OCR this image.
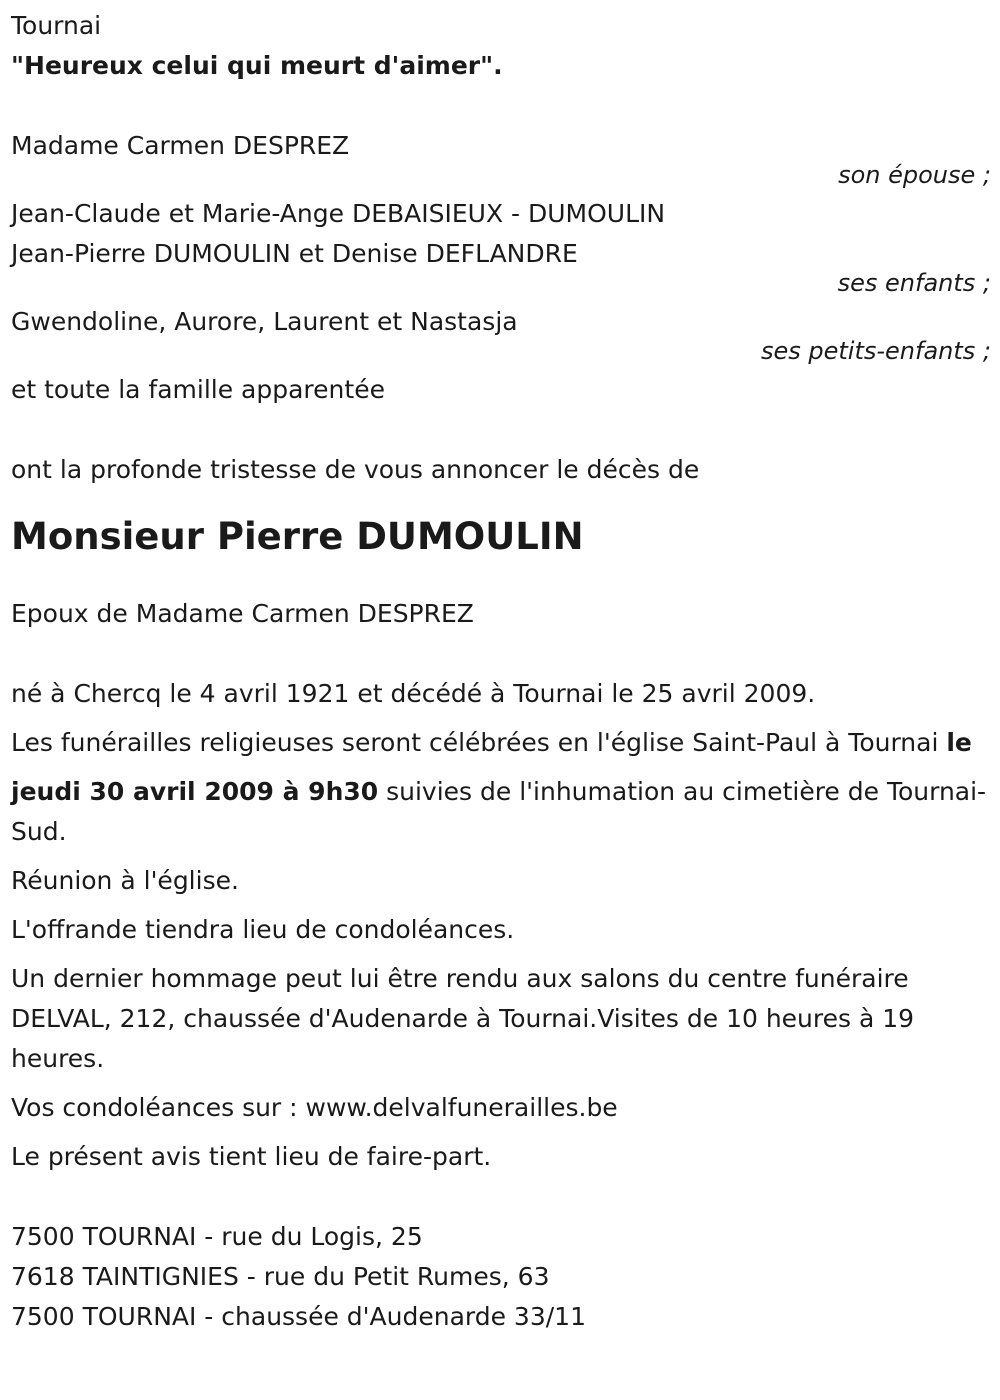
Tournai
"Heureux celui qui meurt d'aimer".
Madame Carmen DESPREZ
son épouse ;
Jean-Claude et Marie-Ange DEBAISIEUX - DUMOULIN
Jean-Pierre DUMOULIN et Denise DEFLANDRE
ses enfants ;
Gwendoline, Aurore, Laurent et Nastasja
ses petits-enfants ;
et toute la famille apparentée
ont la profonde tristesse de vous annoncer le décès de
Monsieur Pierre DUMOULIN
Epoux de Madame Carmen DESPREZ
né à Chercq le 4 avril 1921 et décédé à Tournai le 25 avril 2009.
Les funérailles religieuses seront célébrées en l'église Saint-Paul à Tournai le
jeudi 30 avril 2009 à 9h30 suivies de l'inhumation au cimetière de Tournai-Sud.
Réunion à l'église.
L'offrande tiendra lieu de condoléances.
Un dernier hommage peut lui être rendu aux salons du centre funéraire DELVAL, 212, chaussée d'Audenarde à Tournai.Visites de 10 heures à 19 heures.
Vos condoléances sur : www.delvalfunerailles.be
Le présent avis tient lieu de faire-part.
7500 TOURNAI - rue du Logis, 25
7618 TAINTIGNIES - rue du Petit Rumes, 63
7500 TOURNAI - chaussée d'Audenarde 33/11
